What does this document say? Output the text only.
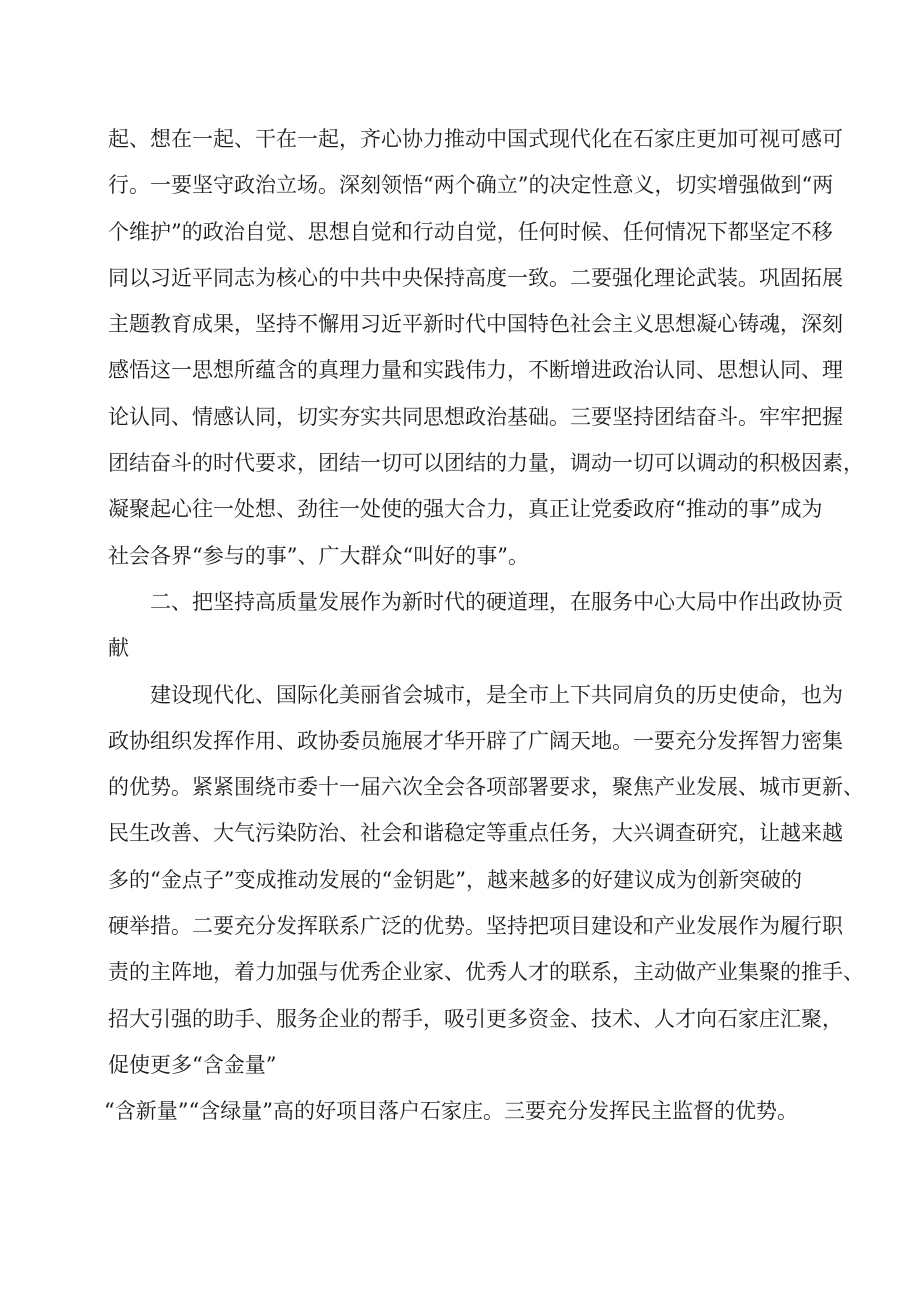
起、想在一起、干在一起，齐心协力推动中国式现代化在石家庄更加可视可感可
行。一要坚守政治立场。深刻领悟“两个确立”的决定性意义，切实增强做到“两
个维护”的政治自觉、思想自觉和行动自觉，任何时候、任何情况下都坚定不移
同以习近平同志为核心的中共中央保持高度一致。二要强化理论武装。巩固拓展
主题教育成果，坚持不懈用习近平新时代中国特色社会主义思想凝心铸魂，深刻
感悟这一思想所蕴含的真理力量和实践伟力，不断增进政治认同、思想认同、理
论认同、情感认同，切实夯实共同思想政治基础。三要坚持团结奋斗。牢牢把握
团结奋斗的时代要求，团结一切可以团结的力量，调动一切可以调动的积极因素，
凝聚起心往一处想、劲往一处使的强大合力，真正让党委政府“推动的事”成为
社会各界“参与的事”、广大群众“叫好的事”。
二、把坚持高质量发展作为新时代的硬道理，在服务中心大局中作出政协贡
献
建设现代化、国际化美丽省会城市，是全市上下共同肩负的历史使命，也为
政协组织发挥作用、政协委员施展才华开辟了广阔天地。一要充分发挥智力密集
的优势。紧紧围绕市委十一届六次全会各项部署要求，聚焦产业发展、城市更新、
民生改善、大气污染防治、社会和谐稳定等重点任务，大兴调查研究，让越来越
多的“金点子”变成推动发展的“金钥匙”，越来越多的好建议成为创新突破的
硬举措。二要充分发挥联系广泛的优势。坚持把项目建设和产业发展作为履行职
责的主阵地，着力加强与优秀企业家、优秀人才的联系，主动做产业集聚的推手、
招大引强的助手、服务企业的帮手，吸引更多资金、技术、人才向石家庄汇聚，
促使更多“含金量”
“含新量”“含绿量”高的好项目落户石家庄。三要充分发挥民主监督的优势。
